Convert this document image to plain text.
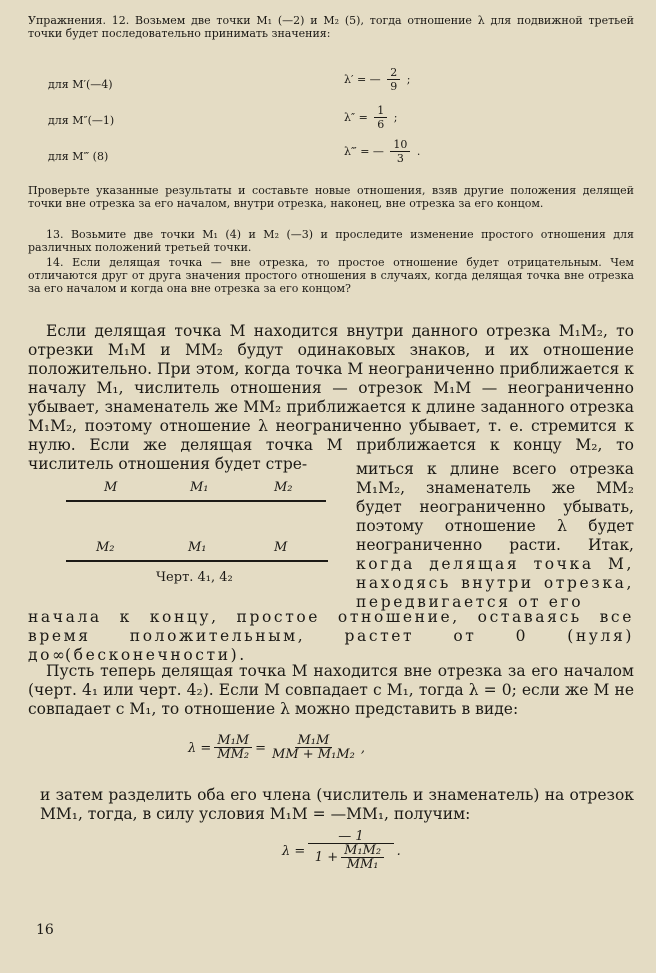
Упражнения. 12. Возьмем две точки M₁ (—2) и M₂ (5), тогда отношение λ для подвижной третьей точки будет последовательно принимать значения:
для M′(—4)	λ′ = — $\frac{2}{9}$ ;
для M″(—1)	$\lambda'' = \frac{1}{6}$ ;
для M‴ (8)	λ‴ = — $\frac{10}{3}$ .
Проверьте указанные результаты и составьте новые отношения, взяв другие положения делящей точки вне отрезка за его началом, внутри отрезка, наконец, вне отрезка за его концом.
13. Возьмите две точки M₁ (4) и M₂ (—3) и проследите изменение простого отношения для различных положений третьей точки.
14. Если делящая точка — вне отрезка, то простое отношение будет отрицательным. Чем отличаются друг от друга значения простого отношения в случаях, когда делящая точка вне отрезка за его началом и когда она вне отрезка за его концом?
Если делящая точка M находится внутри данного отрезка M₁M₂, то отрезки M₁M и MM₂ будут одинаковых знаков, и их отношение положительно. При этом, когда точка M неограниченно приближается к началу M₁, числитель отношения — отрезок M₁M — неограниченно убывает, знаменатель же MM₂ приближается к длине заданного отрезка M₁M₂, поэтому отношение λ неограниченно убывает, т. е. стремится к нулю. Если же делящая точка M приближается к концу M₂, то числитель отношения будет стре-
M	M₁	M₂
M₂	M₁	M
Черт. 4₁, 4₂
миться к длине всего отрезка M₁M₂, знаменатель же MM₂ будет неограниченно убывать, поэтому отношение λ будет неограниченно расти. Итак, когда делящая точка M, находясь внутри отрезка, передвигается от его
начала к концу, простое отношение, оставаясь все время положительным, растет от 0 (нуля) до∞(бесконечности).
Пусть теперь делящая точка M находится вне отрезка за его началом (черт. 4₁ или черт. 4₂). Если M совпадает с M₁, тогда λ = 0; если же M не совпадает с M₁, то отношение λ можно представить в виде:
$\lambda = \frac{\text{M₁M}}{\text{MM₂}} = \frac{\text{M₁M}}{\text{MM + M₁M₂}}$ ,
и затем разделить оба его члена (числитель и знаменатель) на отрезок MM₁, тогда, в силу условия M₁M = —MM₁, получим:
$\lambda = \frac{— 1}{1 + \frac{\text{M₁M₂}}{\text{MM₁}}}$ .
16
